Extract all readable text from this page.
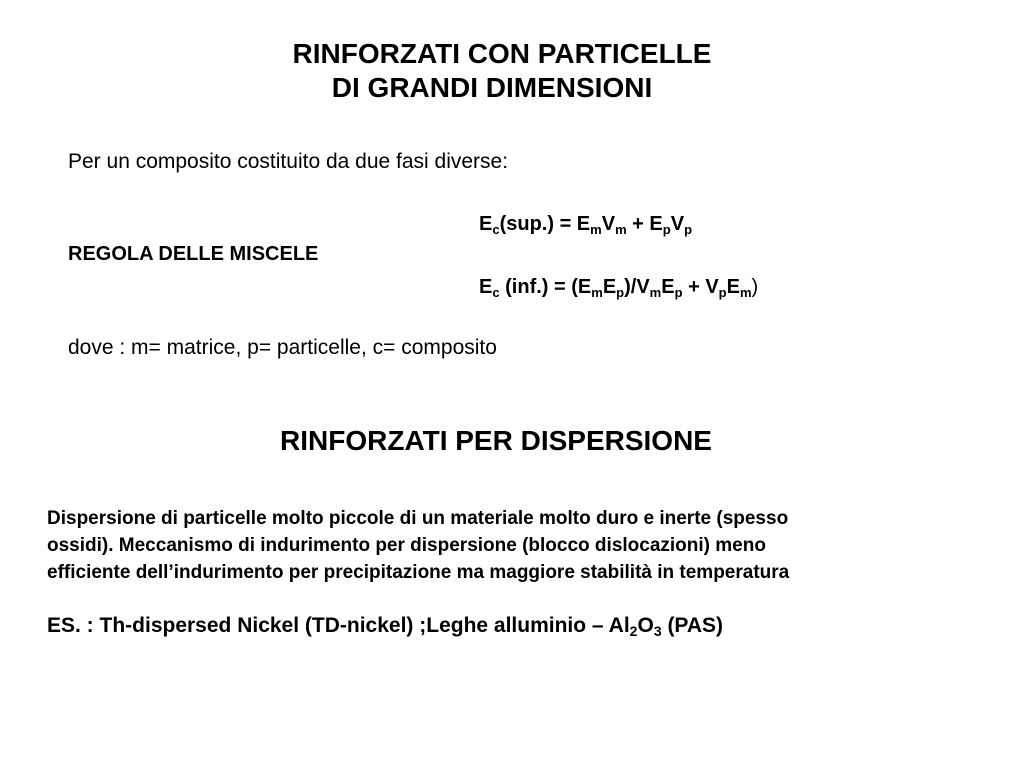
RINFORZATI CON PARTICELLE
DI GRANDI DIMENSIONI
Per un composito costituito da due fasi diverse:
$E_c(sup.) = E_mV_m + E_pV_p$
REGOLA DELLE MISCELE
$E_c$ $(inf.) = (E_mE_p)/V_mE_p + V_pE_m$)
dove : m= matrice, p= particelle, c= composito
RINFORZATI PER DISPERSIONE
Dispersione di particelle molto piccole di un materiale molto duro e inerte (spesso
ossidi). Meccanismo di indurimento per dispersione (blocco dislocazioni) meno
efficiente dell’indurimento per precipitazione ma maggiore stabilità in temperatura
ES. : Th-dispersed Nickel (TD-nickel) ;Leghe alluminio – $Al_2O_3$ (PAS)
